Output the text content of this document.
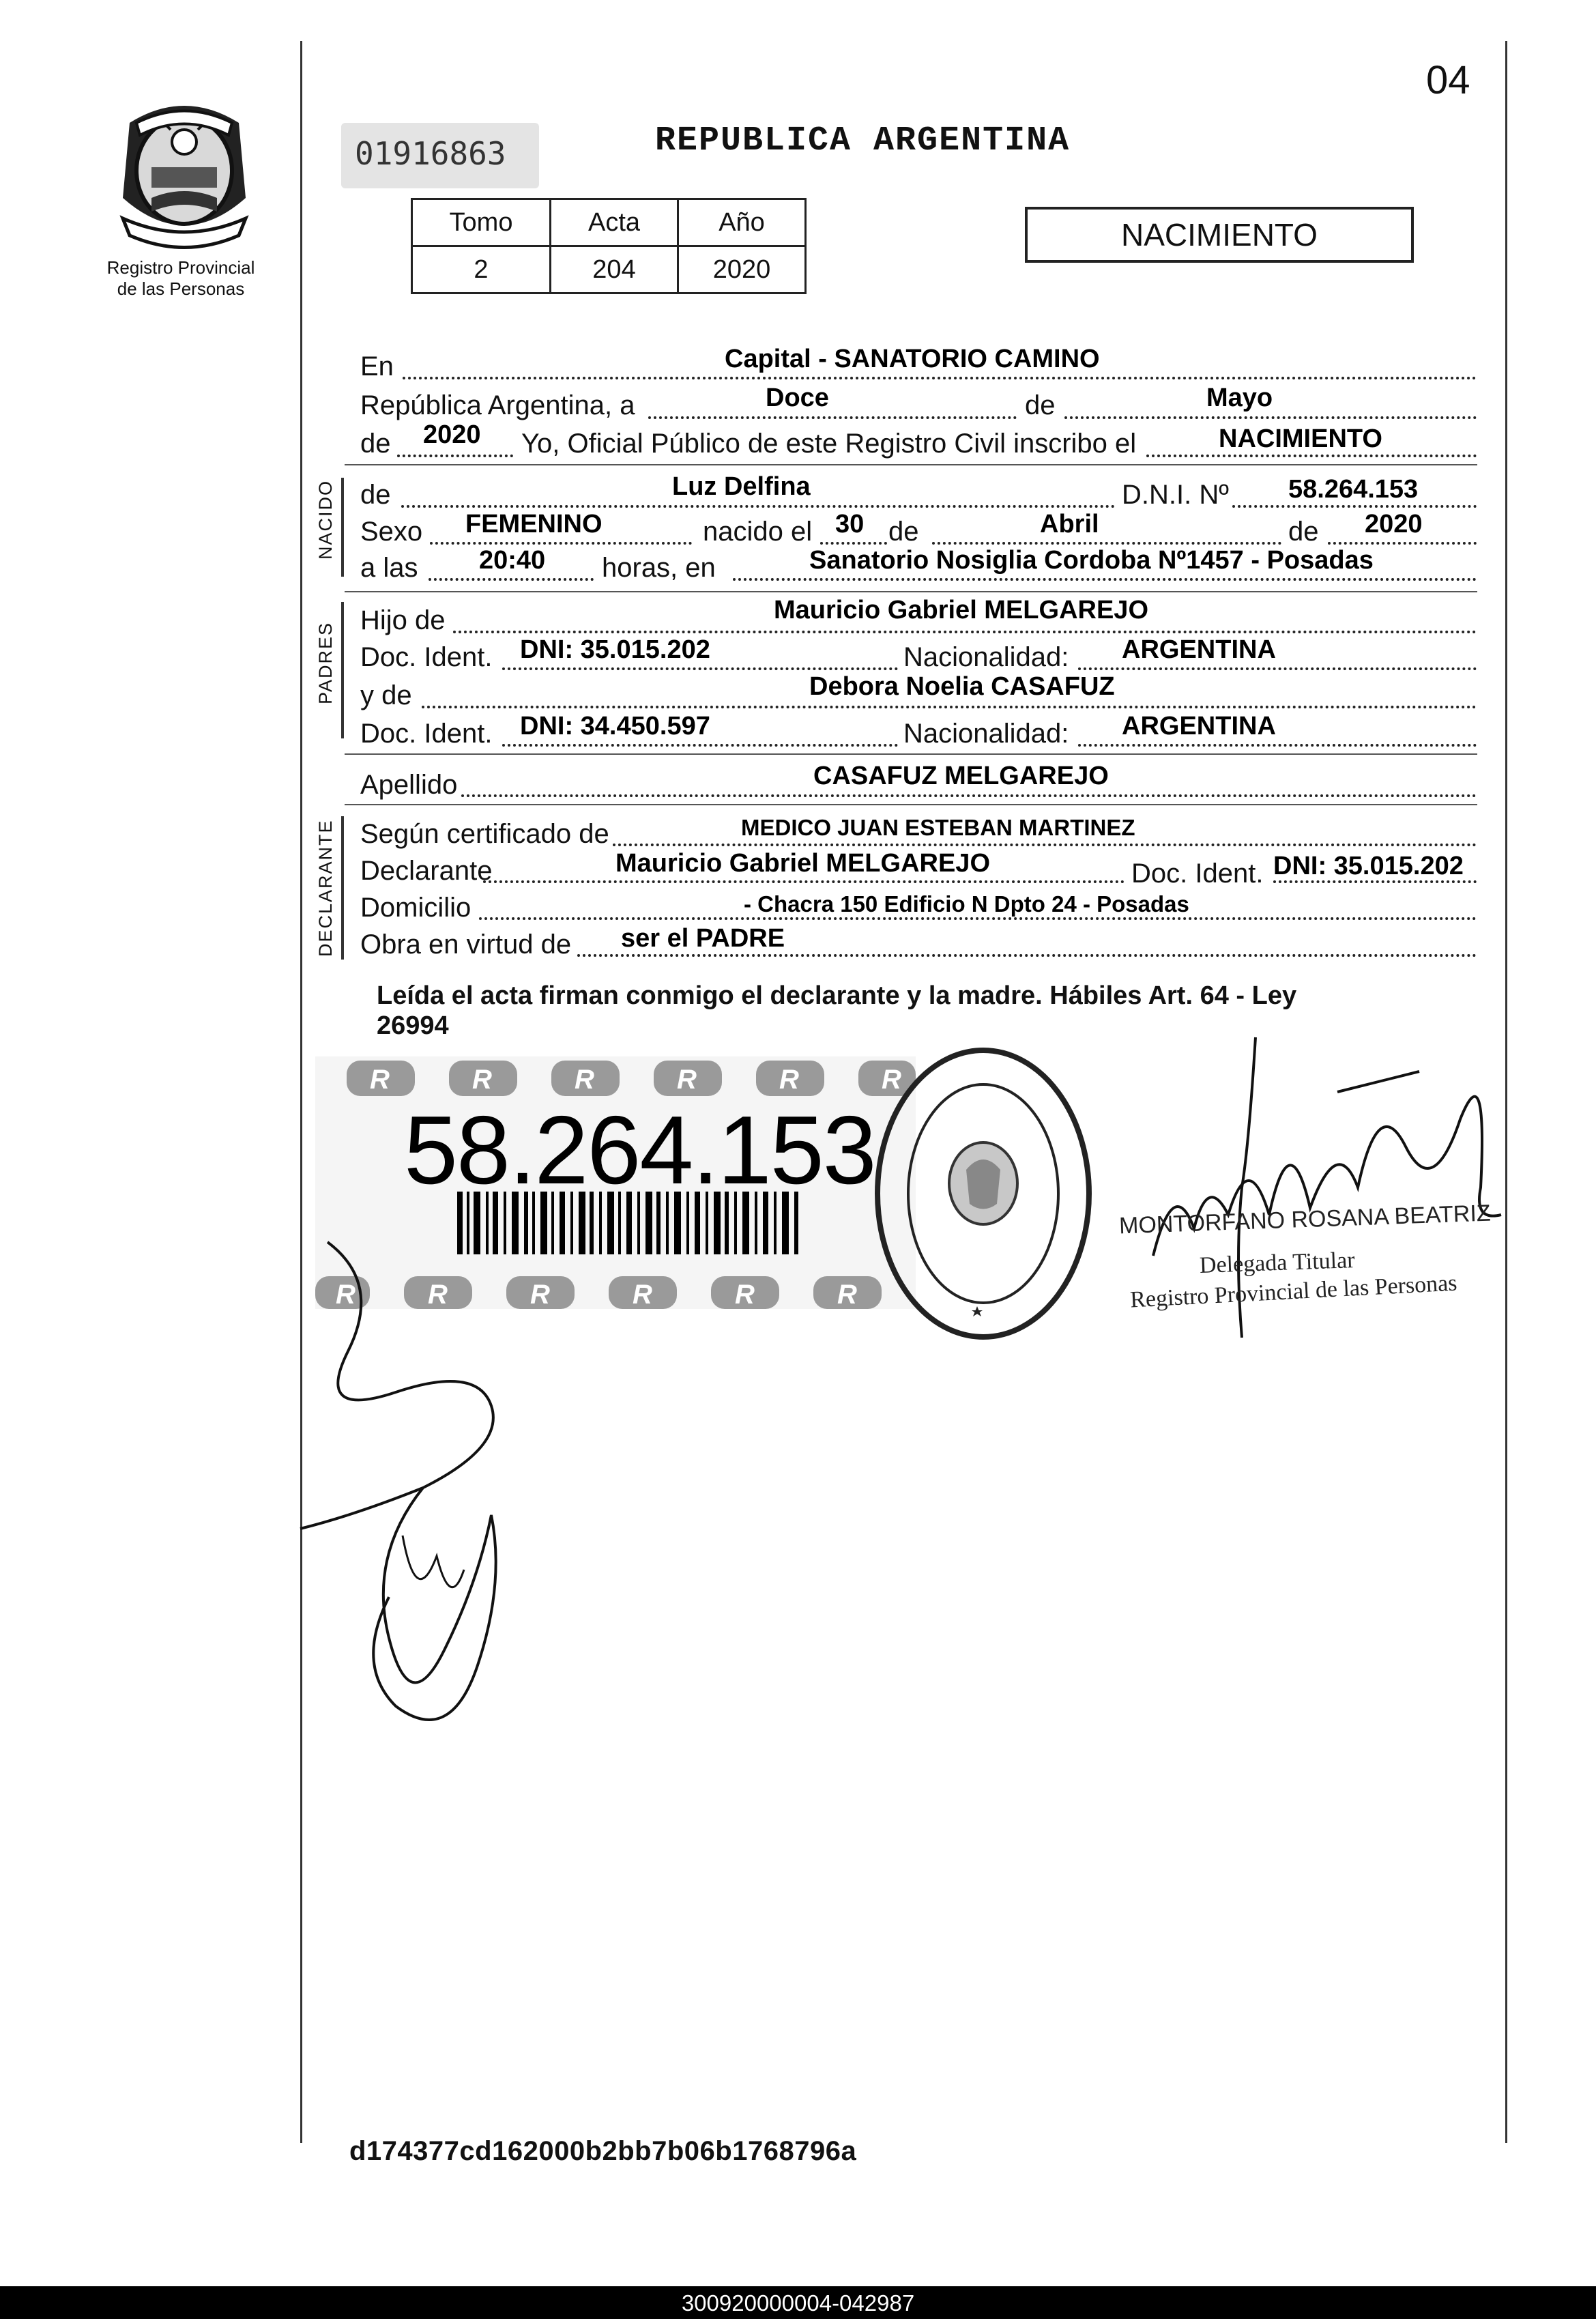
04
Registro Provincial
de las Personas
01916863	REPUBLICA ARGENTINA
Tomo	Acta	Año
2	204	2020
NACIMIENTO
En	Capital - SANATORIO CAMINO
República Argentina, a	Doce	de	Mayo
de 2020 Yo, Oficial Público de este Registro Civil inscribo el	NACIMIENTO
NACIDO de	Luz Delfina	D.N.I. Nº 58.264.153
Sexo FEMENINO	nacido el 30 de	Abril	de 2020
a las 20:40 horas, en	Sanatorio Nosiglia Cordoba Nº1457 - Posadas
PADRES
Hijo de	Mauricio Gabriel MELGAREJO
Doc. Ident. DNI: 35.015.202	Nacionalidad: ARGENTINA
y de	Debora Noelia CASAFUZ
Doc. Ident. DNI: 34.450.597	Nacionalidad: ARGENTINA
Apellido	CASAFUZ MELGAREJO
DECLARANTE Según certificado de	MEDICO JUAN ESTEBAN MARTINEZ
Declarante	Mauricio Gabriel MELGAREJO	Doc. Ident. DNI: 35.015.202
Domicilio	- Chacra 150 Edificio N Dpto 24 - Posadas
Obra en virtud de ser el PADRE
Leída el acta firman conmigo el declarante y la madre. Hábiles Art. 64 - Ley
26994
R	R	R	R	R	R
R	R	R	R	R	R
58.264.153
MONTORFANO ROSANA BEATRIZ
Delegada Titular
Registro Provincial de las Personas
d174377cd162000b2bb7b06b1768796a
300920000004-042987
